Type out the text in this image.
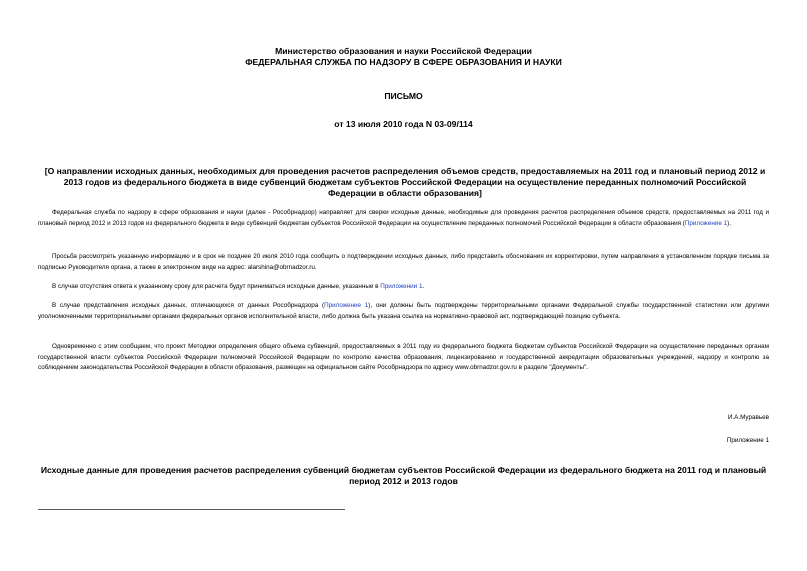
Министерство образования и науки Российской Федерации

ФЕДЕРАЛЬНАЯ СЛУЖБА ПО НАДЗОРУ В СФЕРЕ ОБРАЗОВАНИЯ И НАУКИ

ПИСЬМО

от 13 июля 2010 года N 03-09/114

[О направлении исходных данных, необходимых для проведения расчетов распределения объемов средств, предоставляемых на 2011 год и плановый период 2012 и 2013 годов из федерального бюджета в виде субвенций бюджетам субъектов Российской Федерации на осуществление переданных полномочий Российской Федерации в области образования]

Федеральная служба по надзору в сфере образования и науки (далее - Рособрнадзор) направляет для сверки исходные данные, необходимые для проведения расчетов распределения объемов средств, предоставляемых на 2011 год и плановый период 2012 и 2013 годов из федерального бюджета в виде субвенций бюджетам субъектов Российской Федерации на осуществление переданных полномочий Российской Федерации в области образования (Приложение 1).

Просьба рассмотреть указанную информацию и в срок не позднее 20 июля 2010 года сообщить о подтверждении исходных данных, либо представить обоснования их корректировки, путем направления в установленном порядке письма за подписью Руководителя органа, а также в электронном виде на адрес: alarshina@obrnadzor.ru.

В случае отсутствия ответа к указанному сроку для расчета будут приниматься исходные данные, указанные в Приложении 1.

В случае представления исходных данных, отличающихся от данных Рособрнадзора (Приложение 1), они должны быть подтверждены территориальными органами Федеральной службы государственной статистики или другими уполномоченными территориальными органами федеральных органов исполнительной власти, либо должна быть указана ссылка на нормативно-правовой акт, подтверждающий позицию субъекта.

Одновременно с этим сообщаем, что проект Методики определения общего объема субвенций, предоставляемых в 2011 году из федерального бюджета бюджетам субъектов Российской Федерации на осуществление переданных органам государственной власти субъектов Российской Федерации полномочий Российской Федерации по контролю качества образования, лицензированию и государственной аккредитации образовательных учреждений, надзору и контролю за соблюдением законодательства Российской Федерации в области образования, размещен на официальном сайте Рособрнадзора по адресу www.obrnadzor.gov.ru в разделе "Документы".

И.А.Муравьев
Приложение 1

Исходные данные для проведения расчетов распределения субвенций бюджетам субъектов Российской Федерации из федерального бюджета на 2011 год и плановый период 2012 и 2013 годов
